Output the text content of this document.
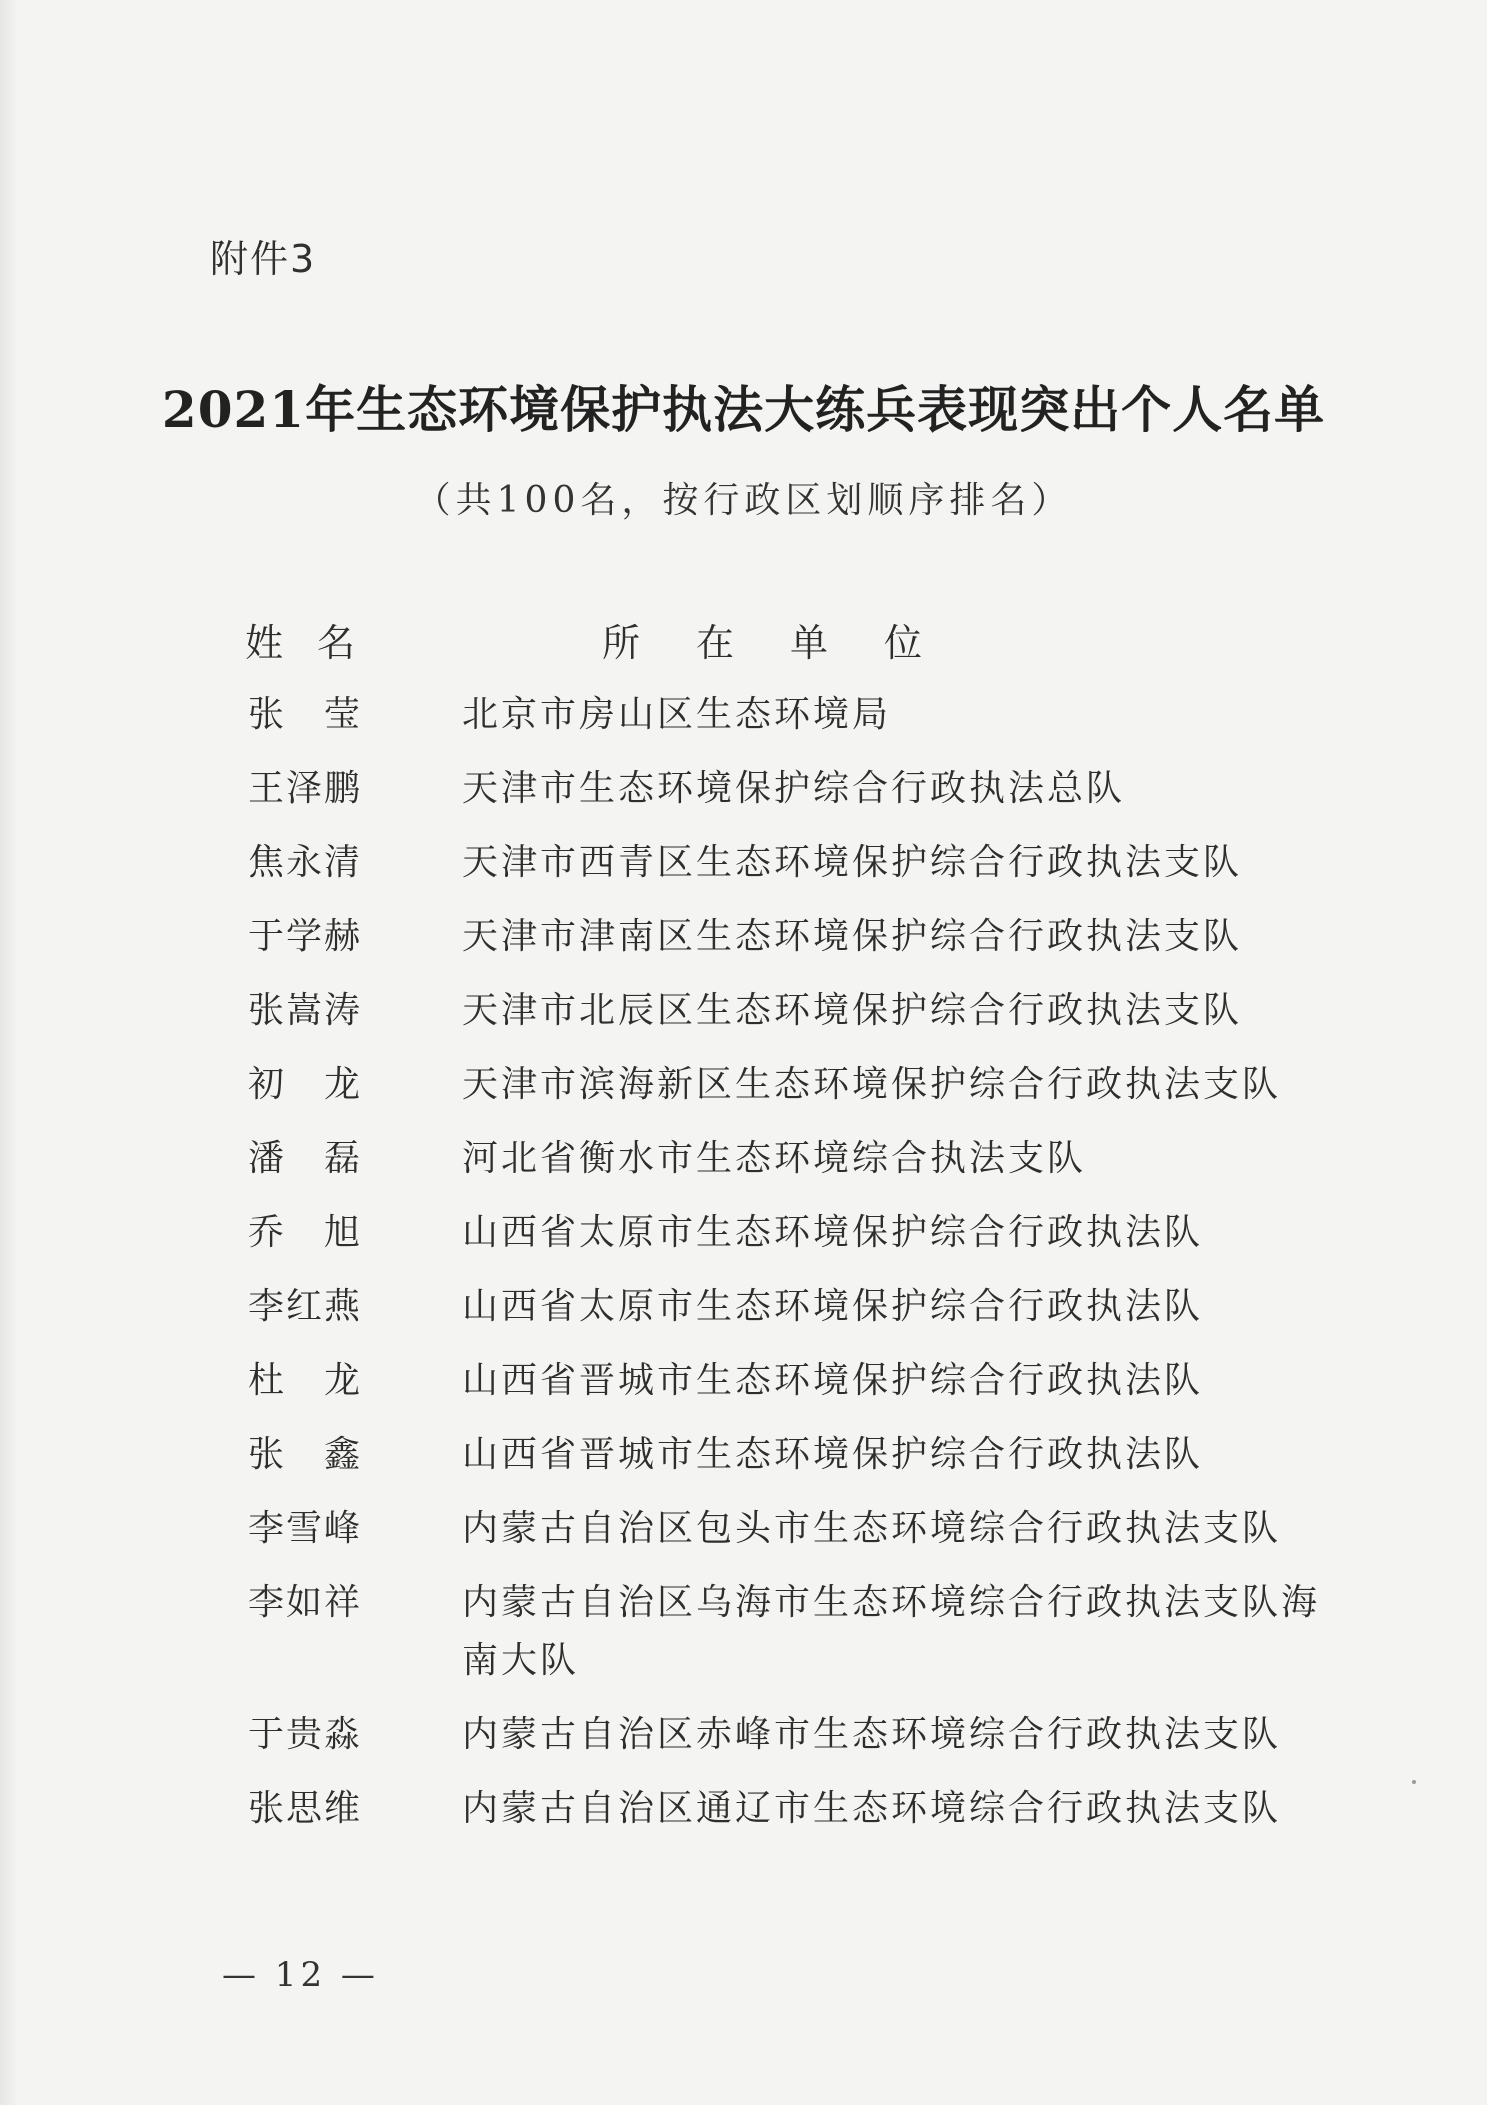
附件3
2021年生态环境保护执法大练兵表现突出个人名单
（共100名，按行政区划顺序排名）
姓 名	所 在 单 位
张 莹	北京市房山区生态环境局
王 泽 鹏	天津市生态环境保护综合行政执法总队
焦 永 清	天津市西青区生态环境保护综合行政执法支队
于 学 赫	天津市津南区生态环境保护综合行政执法支队
张 嵩 涛	天津市北辰区生态环境保护综合行政执法支队
初 龙	天津市滨海新区生态环境保护综合行政执法支队
潘 磊	河北省衡水市生态环境综合执法支队
乔 旭	山西省太原市生态环境保护综合行政执法队
李 红 燕	山西省太原市生态环境保护综合行政执法队
杜 龙	山西省晋城市生态环境保护综合行政执法队
张 鑫	山西省晋城市生态环境保护综合行政执法队
李 雪 峰	内蒙古自治区包头市生态环境综合行政执法支队
李 如 祥	内蒙古自治区乌海市生态环境综合行政执法支队海南大队
于 贵 淼	内蒙古自治区赤峰市生态环境综合行政执法支队
张 思 维	内蒙古自治区通辽市生态环境综合行政执法支队
— 12 —
